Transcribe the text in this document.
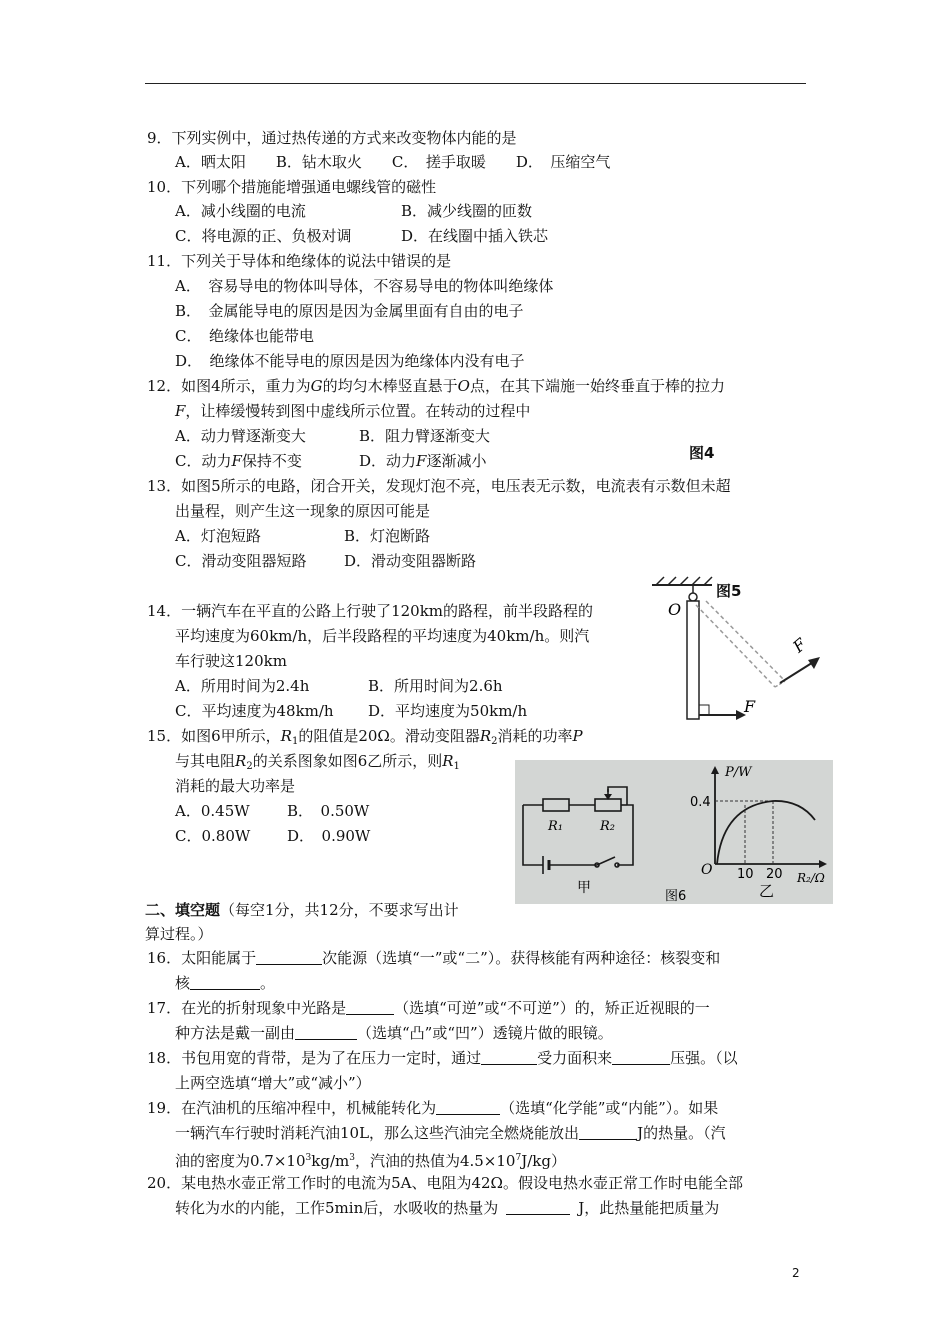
9．下列实例中，通过热传递的方式来改变物体内能的是
A．晒太阳　　B．钻木取火　　C．　搓手取暖　　D．　压缩空气
10．下列哪个措施能增强通电螺线管的磁性
A．减小线圈的电流	B．减少线圈的匝数
C．将电源的正、负极对调	D．在线圈中插入铁芯
11．下列关于导体和绝缘体的说法中错误的是
A．　容易导电的物体叫导体，不容易导电的物体叫绝缘体
B．　金属能导电的原因是因为金属里面有自由的电子
C．　绝缘体也能带电
D．　绝缘体不能导电的原因是因为绝缘体内没有电子
12．如图4所示，重力为G的均匀木棒竖直悬于O点，在其下端施一始终垂直于棒的拉力
F，让棒缓慢转到图中虚线所示位置。在转动的过程中
A．动力臂逐渐变大	B．阻力臂逐渐变大
C．动力F保持不变	D．动力F逐渐减小	图4
13．如图5所示的电路，闭合开关，发现灯泡不亮，电压表无示数，电流表有示数但未超
出量程，则产生这一现象的原因可能是
A．灯泡短路	B．灯泡断路
C．滑动变阻器短路	D．滑动变阻器断路
O
F
F
图5
14．一辆汽车在平直的公路上行驶了120km的路程，前半段路程的
平均速度为60km/h，后半段路程的平均速度为40km/h。则汽
车行驶这120km
A．所用时间为2.4h	B．所用时间为2.6h
C．平均速度为48km/h D．平均速度为50km/h
15．如图6甲所示，$R_1$的阻值是20Ω。滑动变阻器$R_2$消耗的功率P
与其电阻$R_2$的关系图象如图6乙所示，则$R_1$
消耗的最大功率是
A．0.45W B．　0.50W
C．0.80W D．　0.90W
R₁	R₂
甲	乙
图6
P/W
0.4
O 10 20 R₂/Ω
二、填空题（每空1分，共12分，不要求写出计
算过程。）
16．太阳能属于	次能源（选填“一”或“二”）。获得核能有两种途径：核裂变和
核	。
17．在光的折射现象中光路是	（选填“可逆”或“不可逆”）的，矫正近视眼的一
种方法是戴一副由	（选填“凸”或“凹”）透镜片做的眼镜。
18．书包用宽的背带，是为了在压力一定时，通过	受力面积来	压强。（以
上两空选填“增大”或“减小”）
19．在汽油机的压缩冲程中，机械能转化为	（选填“化学能”或“内能”）。如果
一辆汽车行驶时消耗汽油10L，那么这些汽油完全燃烧能放出	J的热量。（汽
油的密度为$0.7\times 10^3kg/m^3$，汽油的热值为$4.5\times 10^7J/kg$）
20．某电热水壶正常工作时的电流为5A、电阻为42Ω。假设电热水壶正常工作时电能全部
转化为水的内能，工作5min后，水吸收的热量为	J，此热量能把质量为
2
